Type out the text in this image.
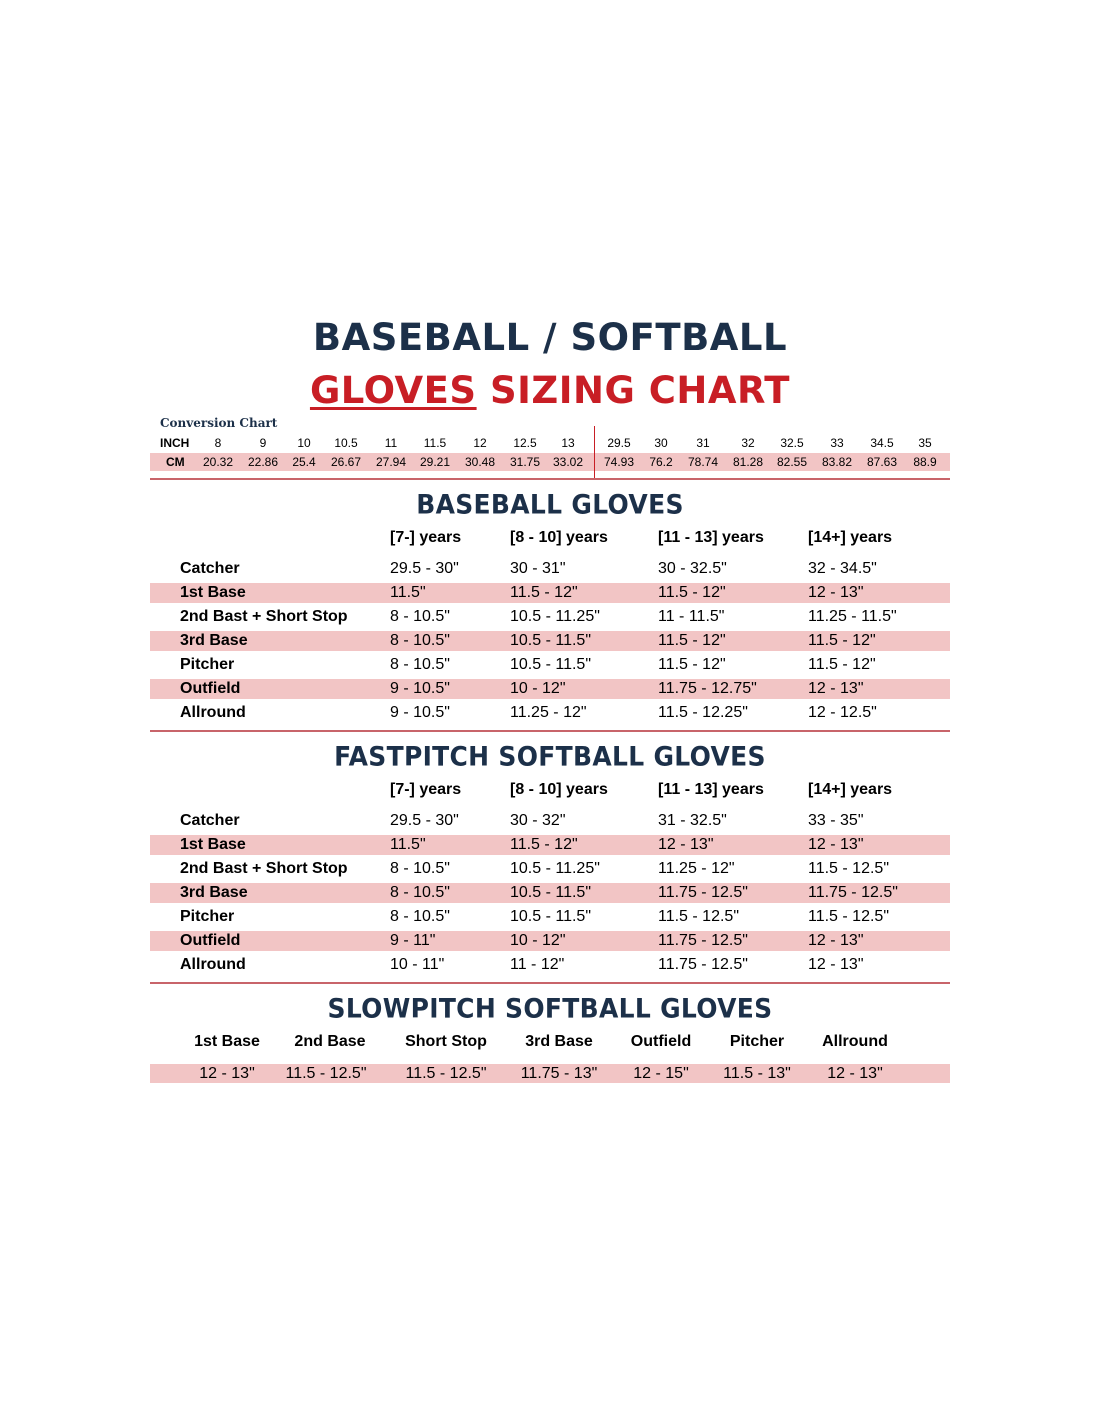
BASEBALL / SOFTBALL
GLOVES SIZING CHART
Conversion Chart
INCH	8	9	10	10.5	11	11.5	12	12.5	13	29.5	30	31	32	32.5	33	34.5	35
CM	20.32	22.86	25.4	26.67	27.94	29.21	30.48	31.75	33.02	74.93	76.2	78.74	81.28	82.55	83.82	87.63	88.9
BASEBALL GLOVES
[7-] years	[8 - 10] years	[11 - 13] years	[14+] years
Catcher	29.5 - 30"	30 - 31"	30 - 32.5"	32 - 34.5"
1st Base	11.5"	11.5 - 12"	11.5 - 12"	12 - 13"
2nd Bast + Short Stop	8 - 10.5"	10.5 - 11.25"	11 - 11.5"	11.25 - 11.5"
3rd Base	8 - 10.5"	10.5 - 11.5"	11.5 - 12"	11.5 - 12"
Pitcher	8 - 10.5"	10.5 - 11.5"	11.5 - 12"	11.5 - 12"
Outfield	9 - 10.5"	10 - 12"	11.75 - 12.75"	12 - 13"
Allround	9 - 10.5"	11.25 - 12"	11.5 - 12.25"	12 - 12.5"
FASTPITCH SOFTBALL GLOVES
[7-] years	[8 - 10] years	[11 - 13] years	[14+] years
Catcher	29.5 - 30"	30 - 32"	31 - 32.5"	33 - 35"
1st Base	11.5"	11.5 - 12"	12 - 13"	12 - 13"
2nd Bast + Short Stop	8 - 10.5"	10.5 - 11.25"	11.25 - 12"	11.5 - 12.5"
3rd Base	8 - 10.5"	10.5 - 11.5"	11.75 - 12.5"	11.75 - 12.5"
Pitcher	8 - 10.5"	10.5 - 11.5"	11.5 - 12.5"	11.5 - 12.5"
Outfield	9 - 11"	10 - 12"	11.75 - 12.5"	12 - 13"
Allround	10 - 11"	11 - 12"	11.75 - 12.5"	12 - 13"
SLOWPITCH SOFTBALL GLOVES
1st Base	2nd Base	Short Stop	3rd Base	Outfield	Pitcher	Allround
12 - 13"	11.5 - 12.5"	11.5 - 12.5"	11.75 - 13"	12 - 15"	11.5 - 13"	12 - 13"
